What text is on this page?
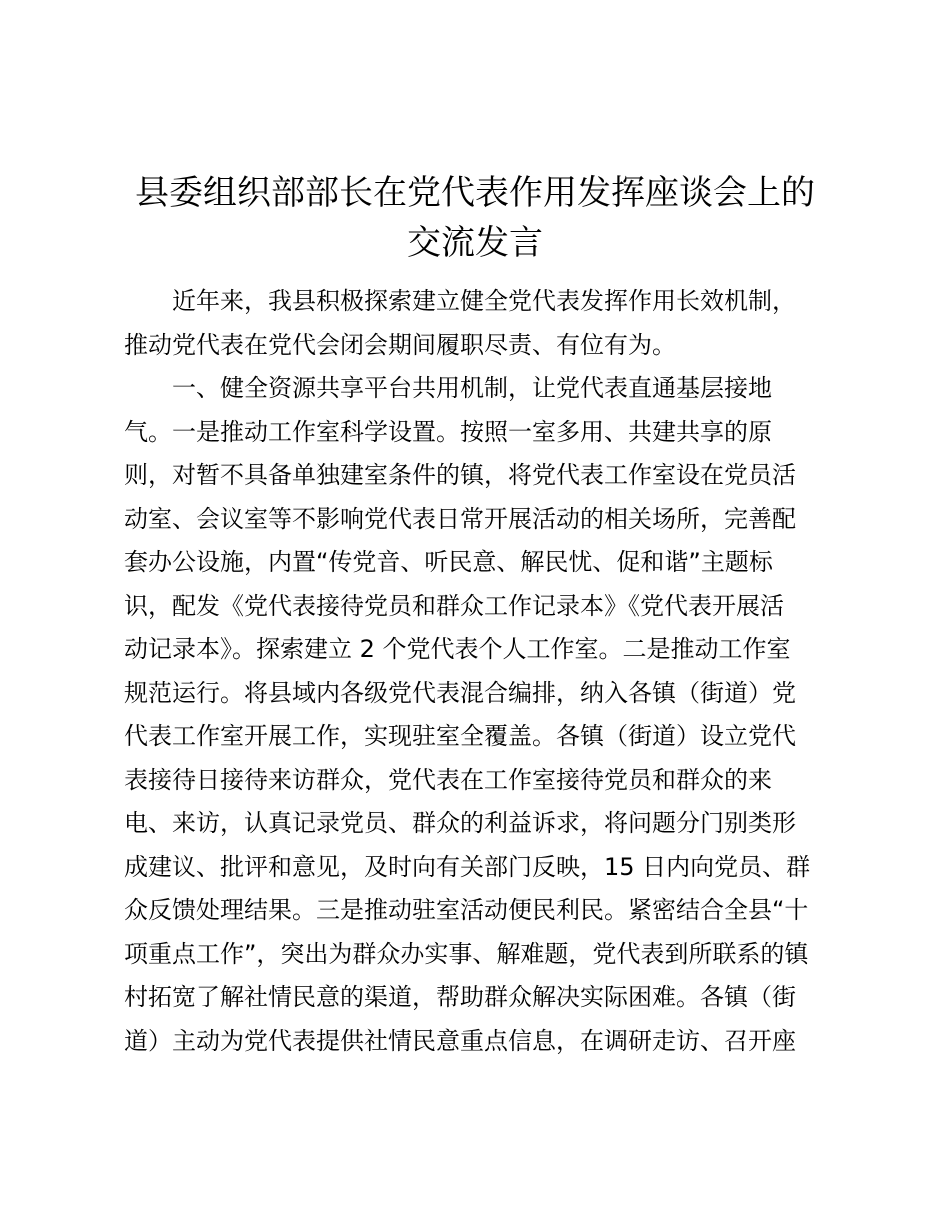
县委组织部部长在党代表作用发挥座谈会上的
交流发言
近年来，我县积极探索建立健全党代表发挥作用长效机制，
推动党代表在党代会闭会期间履职尽责、有位有为。
一、健全资源共享平台共用机制，让党代表直通基层接地
气。一是推动工作室科学设置。按照一室多用、共建共享的原
则，对暂不具备单独建室条件的镇，将党代表工作室设在党员活
动室、会议室等不影响党代表日常开展活动的相关场所，完善配
套办公设施，内置“传党音、听民意、解民忧、促和谐”主题标
识，配发《党代表接待党员和群众工作记录本》《党代表开展活
动记录本》。探索建立 2 个党代表个人工作室。二是推动工作室
规范运行。将县域内各级党代表混合编排，纳入各镇（街道）党
代表工作室开展工作，实现驻室全覆盖。各镇（街道）设立党代
表接待日接待来访群众，党代表在工作室接待党员和群众的来
电、来访，认真记录党员、群众的利益诉求，将问题分门别类形
成建议、批评和意见，及时向有关部门反映，15 日内向党员、群
众反馈处理结果。三是推动驻室活动便民利民。紧密结合全县“十
项重点工作”，突出为群众办实事、解难题，党代表到所联系的镇
村拓宽了解社情民意的渠道，帮助群众解决实际困难。各镇（街
道）主动为党代表提供社情民意重点信息，在调研走访、召开座
